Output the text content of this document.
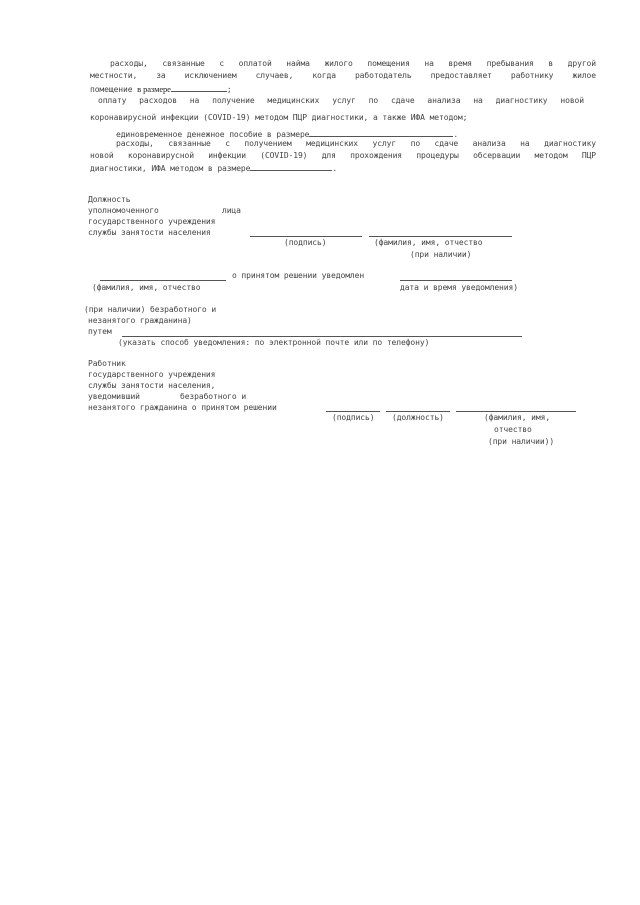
расходы, связанные с оплатой найма жилого помещения на время пребывания в другой
местности, за исключением случаев, когда работодатель предоставляет работнику жилое
помещение в размере	;
оплату расходов на получение медицинских услуг по сдаче анализа на диагностику новой
коронавирусной инфекции (COVID-19) методом ПЦР диагностики, а также ИФА методом;
единовременное денежное пособие в размере	.
расходы, связанные с получением медицинских услуг по сдаче анализа на диагностику
новой коронавирусной инфекции (COVID-19) для прохождения процедуры обсервации методом ПЦР
диагностики, ИФА методом в размере	.
Должность
уполномоченного	лица
государственного учреждения
службы занятости населения
(подпись)	(фамилия, имя, отчество
(при наличии)
о принятом решении уведомлен
(фамилия, имя, отчество	дата и время уведомления)
(при наличии) безработного и
незанятого гражданина)
путем
(указать способ уведомления: по электронной почте или по телефону)
Работник
государственного учреждения
службы занятости населения,
уведомивший	безработного и
незанятого гражданина о принятом решении
(подпись) (должность)	(фамилия, имя,
отчество
(при наличии))
